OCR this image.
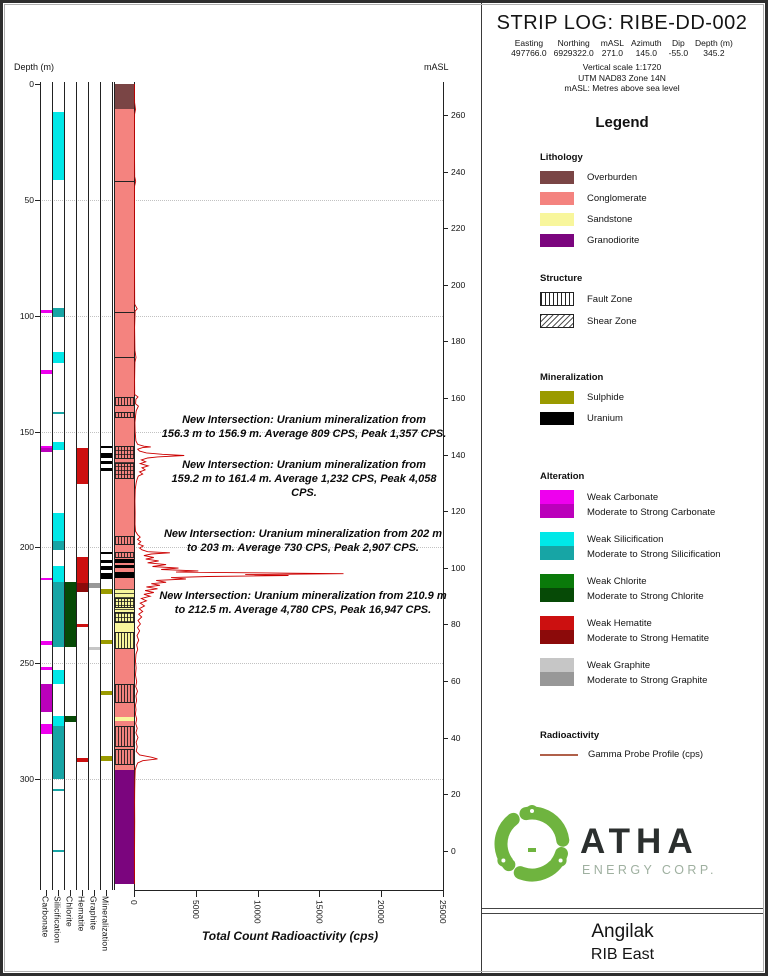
Depth (m)	mASL
Total Count Radioactivity (cps)
0
50
100
150
200
250
300
260
240
220
200
180
160
140
120
100
80
60
40
20
0
Carbonate Silicification Chlorite Hematite Graphite Mineralization 0	5000	10000	15000	20000	25000
New Intersection: Uranium mineralization from
156.3 m to 156.9 m. Average 809 CPS, Peak 1,357 CPS.
New Intersection: Uranium mineralization from
159.2 m to 161.4 m. Average 1,232 CPS, Peak 4,058 CPS.
New Intersection: Uranium mineralization from 202 m
to 203 m. Average 730 CPS, Peak 2,907 CPS.
New Intersection: Uranium mineralization from 210.9 m
to 212.5 m. Average 4,780 CPS, Peak 16,947 CPS.
STRIP LOG: RIBE-DD-002
Easting
497766.0
Northing
6929322.0
mASL
271.0
Azimuth
145.0
Dip
-55.0
Depth (m)
345.2
Vertical scale 1:1720
UTM NAD83 Zone 14N
mASL: Metres above sea level
Legend
Lithology
Overburden
Conglomerate
Sandstone
Granodiorite
Structure
Fault Zone
Shear Zone
Mineralization
Sulphide
Uranium
Alteration
Weak Carbonate
Moderate to Strong Carbonate
Weak Silicification
Moderate to Strong Silicification
Weak Chlorite
Moderate to Strong Chlorite
Weak Hematite
Moderate to Strong Hematite
Weak Graphite
Moderate to Strong Graphite
Radioactivity
Gamma Probe Profile (cps)
ATHA
ENERGY CORP.
Angilak
RIB East
